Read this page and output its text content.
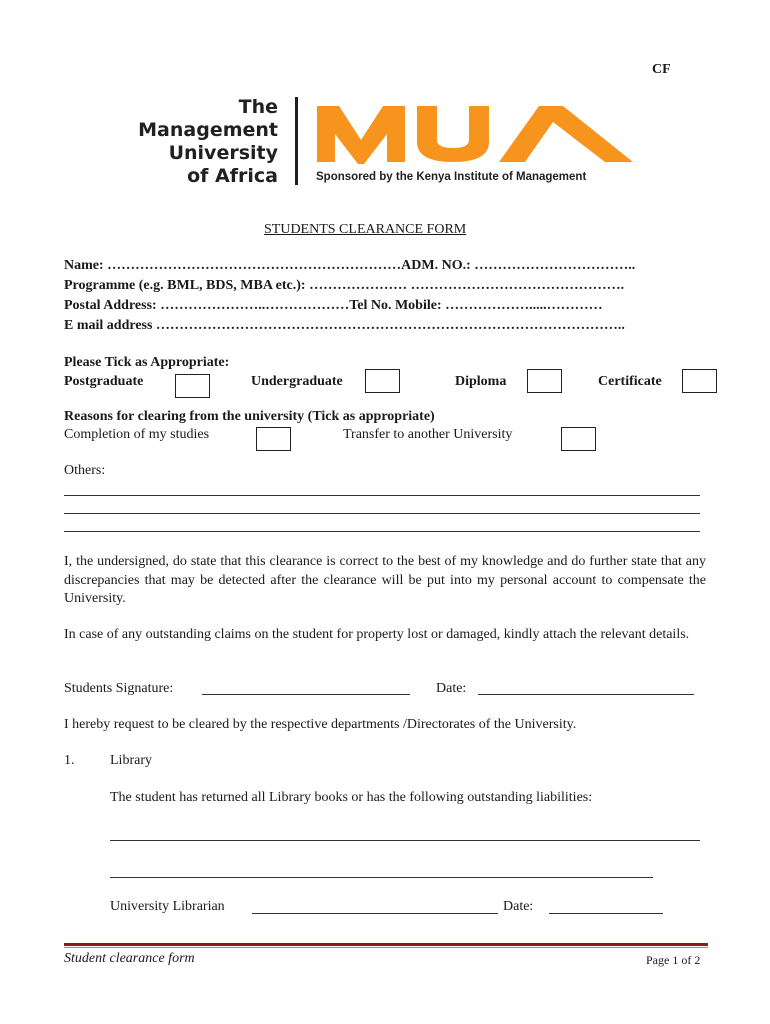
CF
The
Management
University
of Africa	Sponsored by the Kenya Institute of Management
STUDENTS CLEARANCE FORM
Name: ………………………………………………………ADM. NO.: ……………………………..
Programme (e.g. BML, BDS, MBA etc.): ………………… ……………………………………….
Postal Address: …………………..………………Tel No. Mobile: ……………….....…………
E mail address ………………………………………………………………………………………..
Please Tick as Appropriate:
Postgraduate	Undergraduate	Diploma	Certificate
Reasons for clearing from the university (Tick as appropriate)
Completion of my studies	Transfer to another University
Others:
I, the undersigned, do state that this clearance is correct to the best of my knowledge and do further state that any discrepancies that may be detected after the clearance will be put into my personal account to compensate the University.
In case of any outstanding claims on the student for property lost or damaged, kindly attach the relevant details.
Students Signature:	Date:
I hereby request to be cleared by the respective departments /Directorates of the University.
1.	Library
The student has returned all Library books or has the following outstanding liabilities:
University Librarian	Date:
Student clearance form	Page 1 of 2
